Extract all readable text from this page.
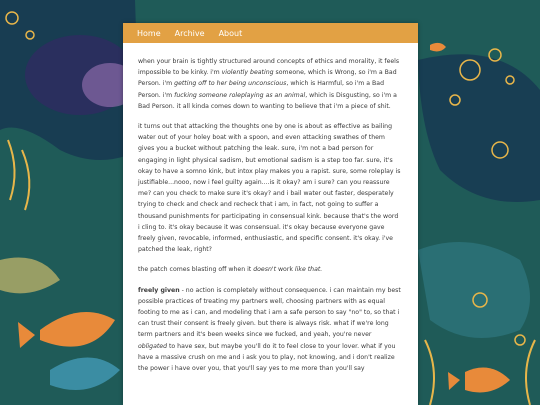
Home Archive About

when your brain is tightly structured around concepts of ethics and morality, it feels impossible to be kinky. i'm violently beating someone, which is Wrong, so i'm a Bad Person. i'm getting off to her being unconscious, which is Harmful, so i'm a Bad Person. i'm fucking someone roleplaying as an animal, which is Disgusting, so i'm a Bad Person. it all kinda comes down to wanting to believe that i'm a piece of shit.

it turns out that attacking the thoughts one by one is about as effective as bailing water out of your holey boat with a spoon, and even attacking swathes of them gives you a bucket without patching the leak. sure, i'm not a bad person for engaging in light physical sadism, but emotional sadism is a step too far. sure, it's okay to have a somno kink, but intox play makes you a rapist. sure, some roleplay is justifiable...nooo, now i feel guilty again....is it okay? am i sure? can you reassure me? can you check to make sure it's okay? and i bail water out faster, desperately trying to check and check and recheck that i am, in fact, not going to suffer a thousand punishments for participating in consensual kink. because that's the word i cling to. it's okay because it was consensual. it's okay because everyone gave freely given, revocable, informed, enthusiastic, and specific consent. it's okay. i've patched the leak, right?

the patch comes blasting off when it doesn't work like that.

freely given - no action is completely without consequence. i can maintain my best possible practices of treating my partners well, choosing partners with as equal footing to me as i can, and modeling that i am a safe person to say "no" to, so that i can trust their consent is freely given. but there is always risk. what if we're long term partners and it's been weeks since we fucked, and yeah, you're never obligated to have sex, but maybe you'll do it to feel close to your lover. what if you have a massive crush on me and i ask you to play, not knowing, and i don't realize the power i have over you, that you'll say yes to me more than you'll say
